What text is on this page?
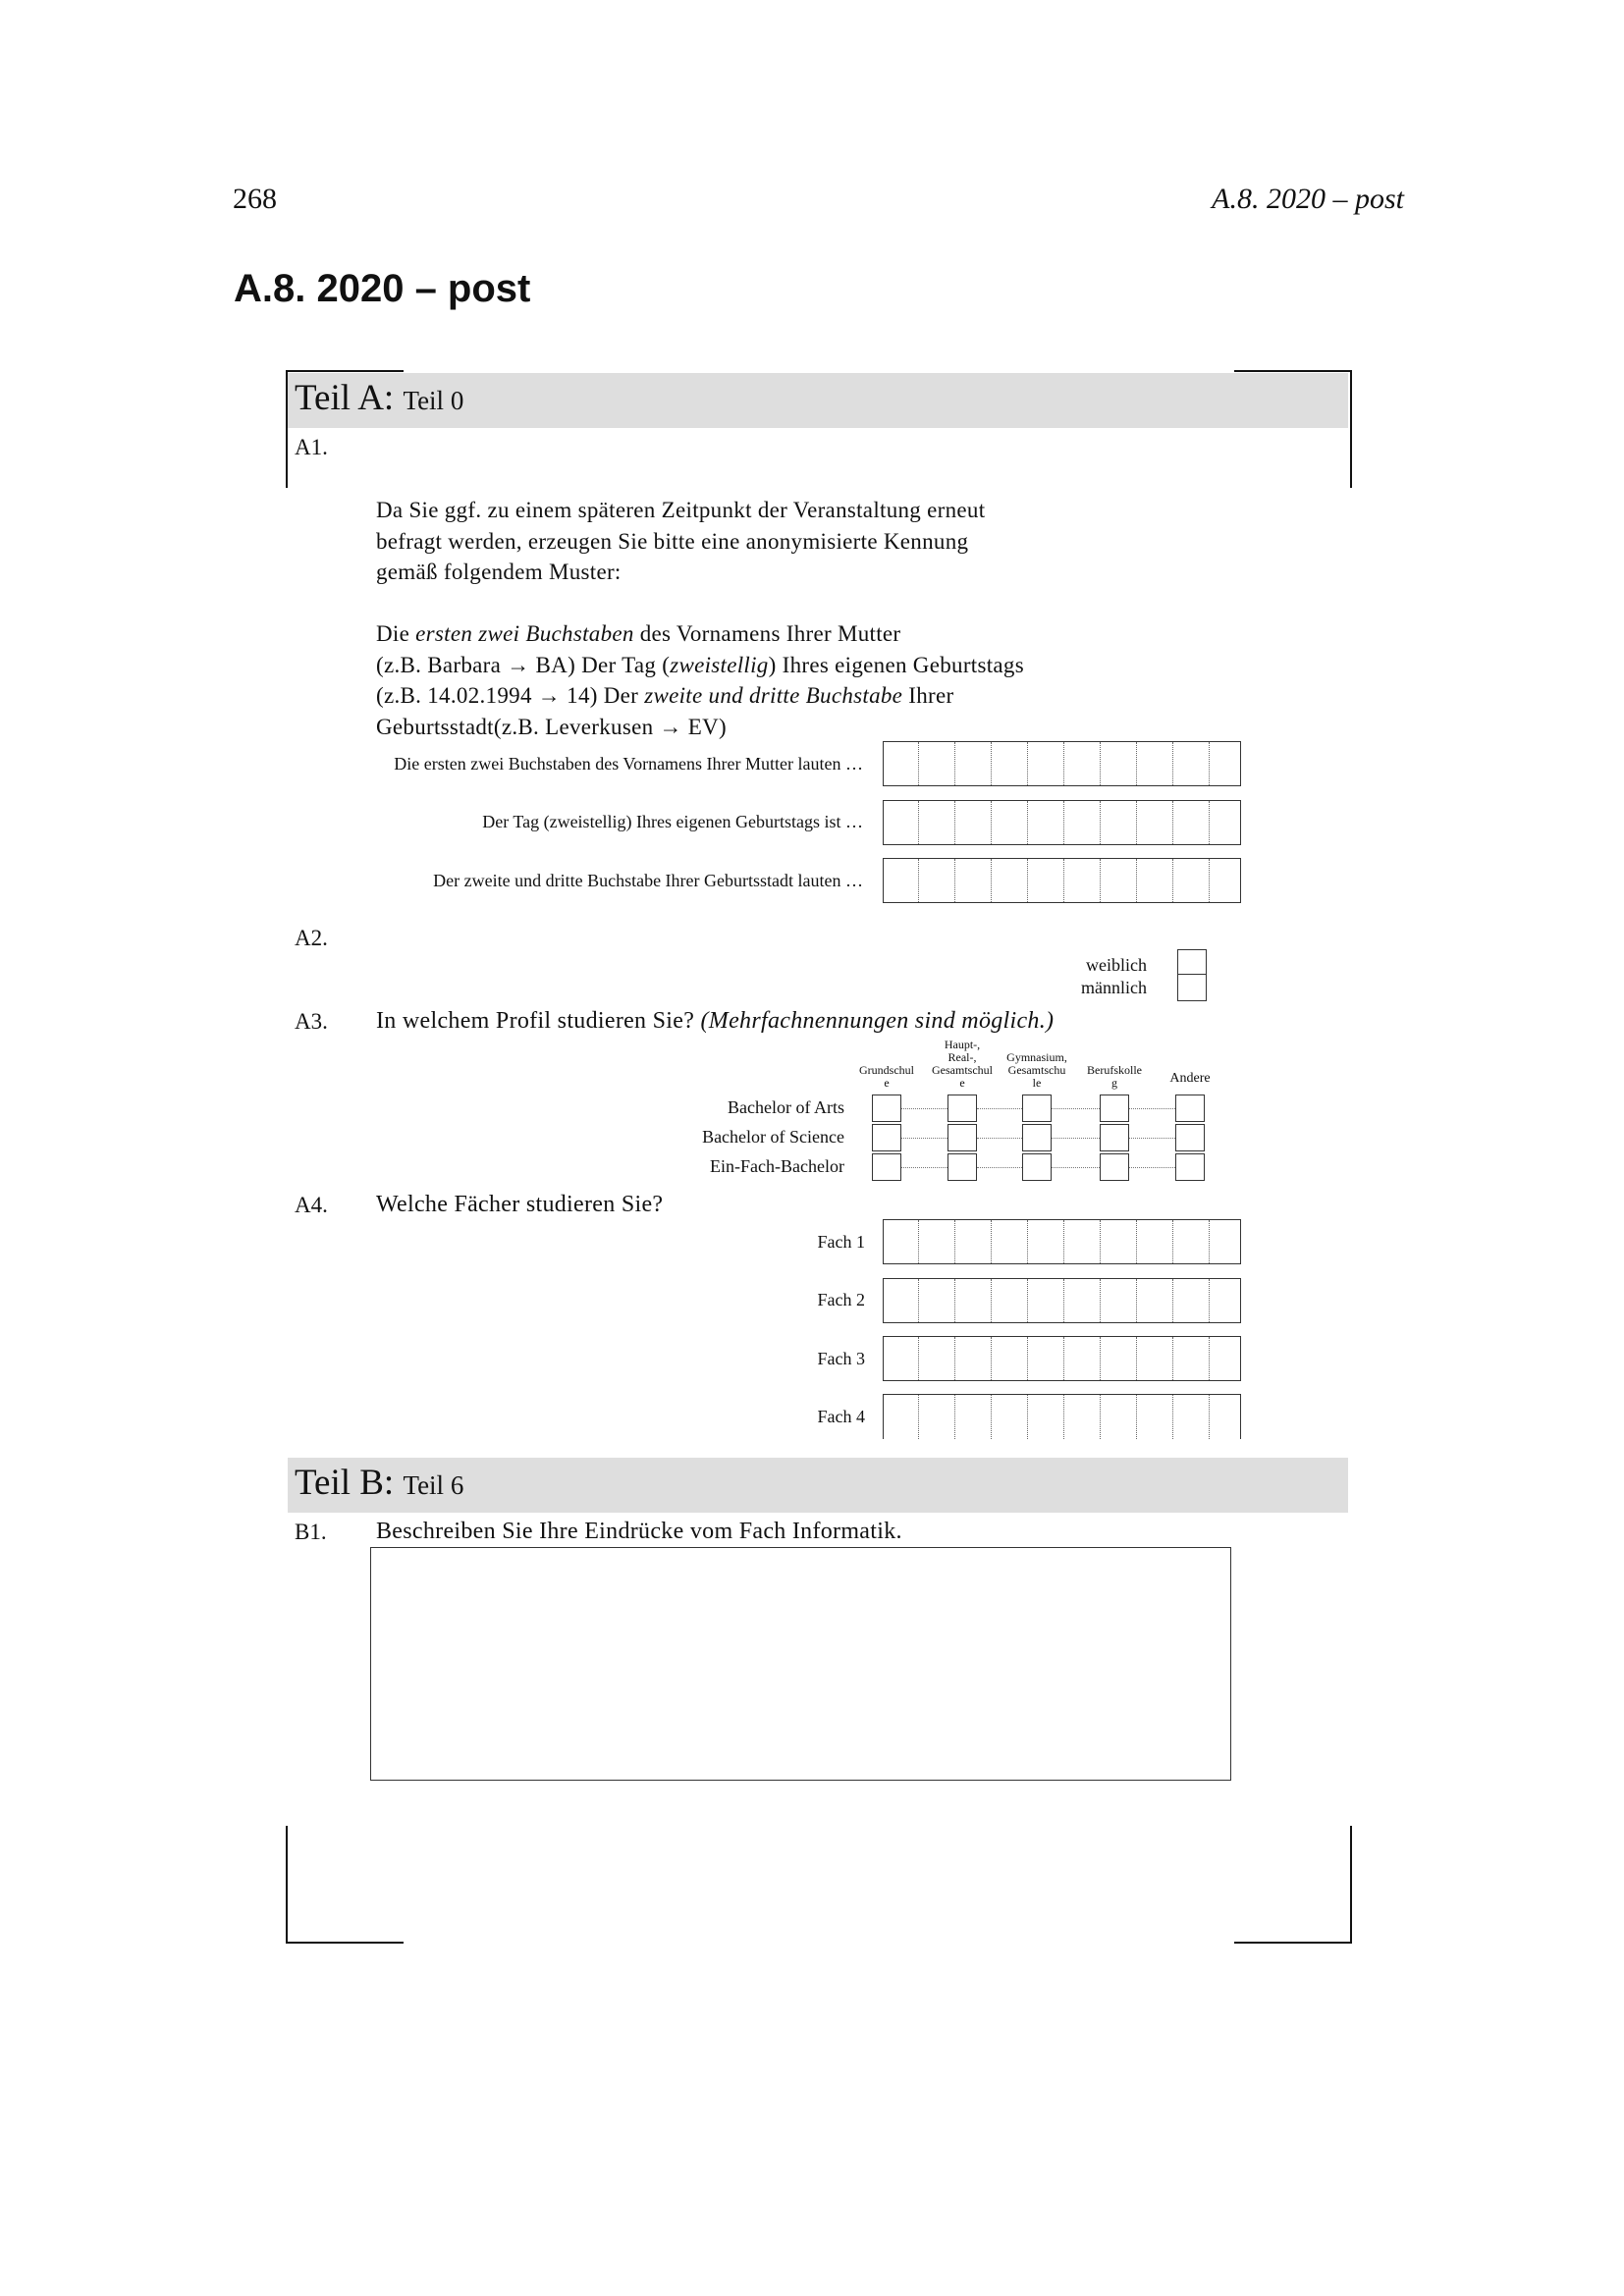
268	A.8. 2020 – post
A.8. 2020 – post
Teil A: Teil 0
A1.
Da Sie ggf. zu einem späteren Zeitpunkt der Veranstaltung erneut
befragt werden, erzeugen Sie bitte eine anonymisierte Kennung
gemäß folgendem Muster:
Die ersten zwei Buchstaben des Vornamens Ihrer Mutter
(z.B. Barbara → BA) Der Tag (zweistellig) Ihres eigenen Geburtstags
(z.B. 14.02.1994 → 14) Der zweite und dritte Buchstabe Ihrer
Geburtsstadt(z.B. Leverkusen → EV)
Die ersten zwei Buchstaben des Vornamens Ihrer Mutter lauten …
Der Tag (zweistellig) Ihres eigenen Geburtstags ist …
Der zweite und dritte Buchstabe Ihrer Geburtsstadt lauten …
A2.
weiblich
männlich
A3. In welchem Profil studieren Sie? (Mehrfachnennungen sind möglich.)
Grundschul
e
Haupt-,
Real-,
Gesamtschul
e
Gymnasium,
Gesamtschu
le
Berufskolle
g	Andere
Bachelor of Arts
Bachelor of Science
Ein-Fach-Bachelor
A4. Welche Fächer studieren Sie?
Fach 1
Fach 2
Fach 3
Fach 4
Teil B: Teil 6
B1. Beschreiben Sie Ihre Eindrücke vom Fach Informatik.
